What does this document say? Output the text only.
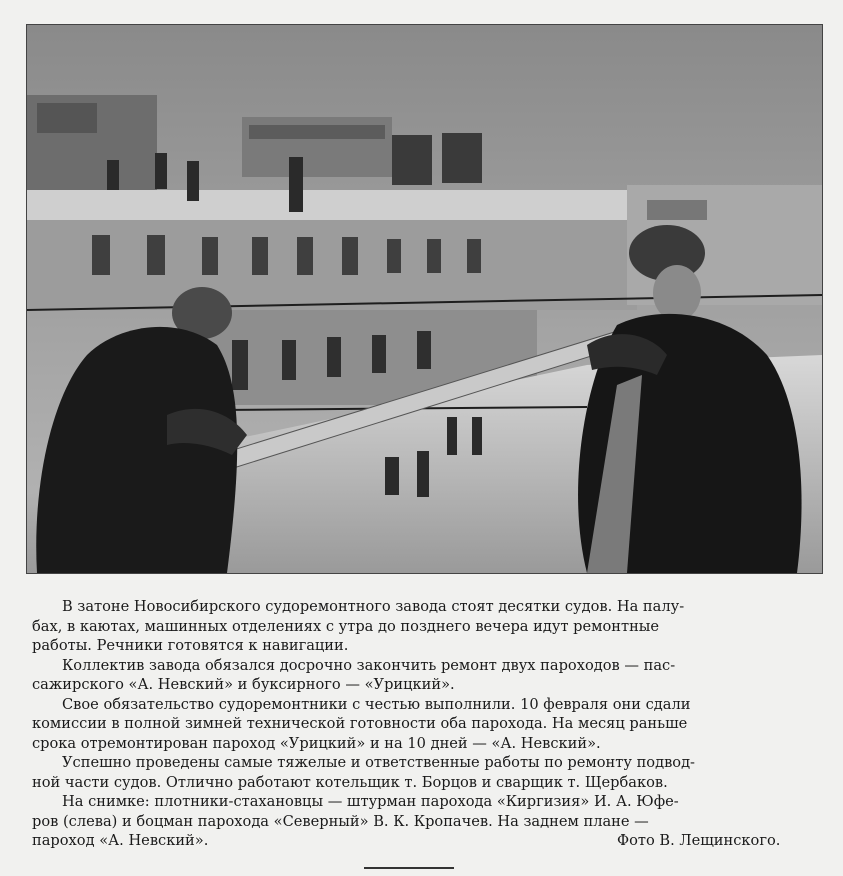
В затоне Новосибирского судоремонтного завода стоят десятки судов. На палу-
бах, в каютах, машинных отделениях с утра до позднего вечера идут ремонтные
работы. Речники готовятся к навигации.
Коллектив завода обязался досрочно закончить ремонт двух пароходов — пас-
сажирского «А. Невский» и буксирного — «Урицкий».
Свое обязательство судоремонтники с честью выполнили. 10 февраля они сдали
комиссии в полной зимней технической готовности оба парохода. На месяц раньше
срока отремонтирован пароход «Урицкий» и на 10 дней — «А. Невский».
Успешно проведены самые тяжелые и ответственные работы по ремонту подвод-
ной части судов. Отлично работают котельщик т. Борцов и сварщик т. Щербаков.
На снимке: плотники-стахановцы — штурман парохода «Киргизия» И. А. Юфе-
ров (слева) и боцман парохода «Северный» В. К. Кропачев. На заднем плане —
пароход «А. Невский».	Фото В. Лещинского.
